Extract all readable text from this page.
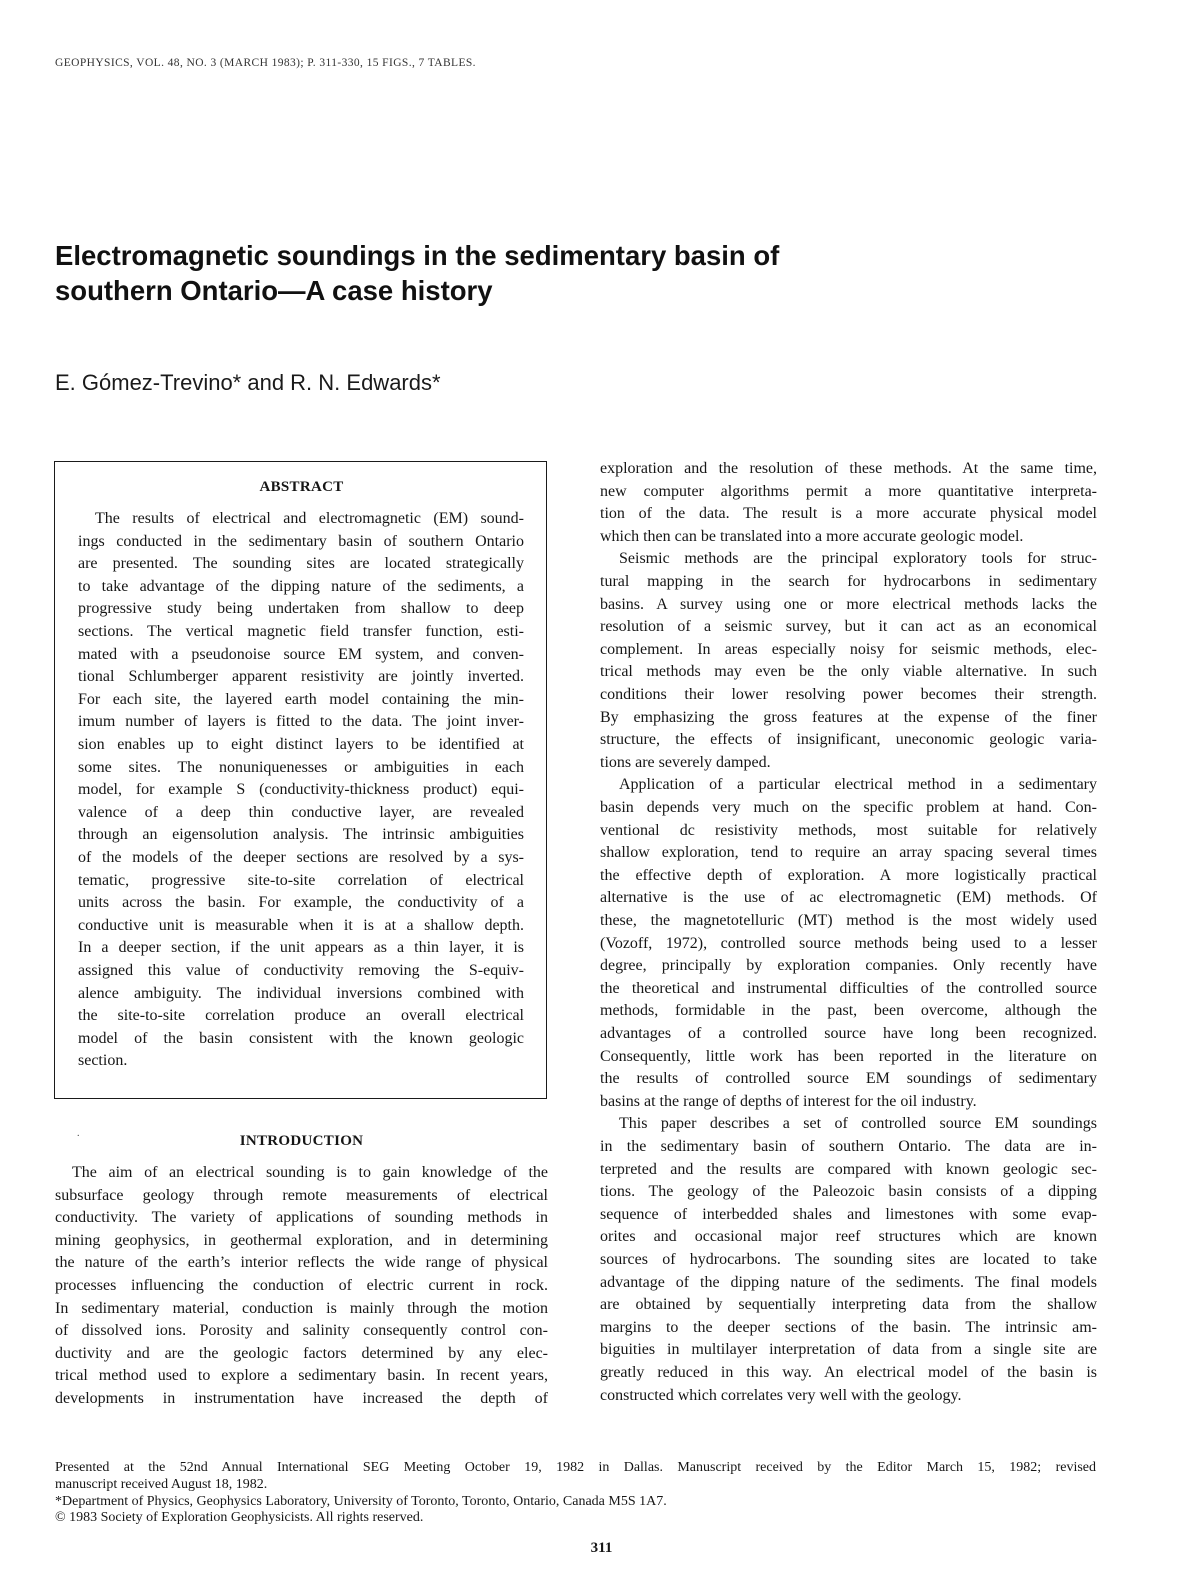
GEOPHYSICS, VOL. 48, NO. 3 (MARCH 1983); P. 311-330, 15 FIGS., 7 TABLES.
Electromagnetic soundings in the sedimentary basin of
southern Ontario—A case history
E. Gómez-Trevino* and R. N. Edwards*
ABSTRACT
The results of electrical and electromagnetic (EM) sound-
ings conducted in the sedimentary basin of southern Ontario
are presented. The sounding sites are located strategically
to take advantage of the dipping nature of the sediments, a
progressive study being undertaken from shallow to deep
sections. The vertical magnetic field transfer function, esti-
mated with a pseudonoise source EM system, and conven-
tional Schlumberger apparent resistivity are jointly inverted.
For each site, the layered earth model containing the min-
imum number of layers is fitted to the data. The joint inver-
sion enables up to eight distinct layers to be identified at
some sites. The nonuniquenesses or ambiguities in each
model, for example S (conductivity-thickness product) equi-
valence of a deep thin conductive layer, are revealed
through an eigensolution analysis. The intrinsic ambiguities
of the models of the deeper sections are resolved by a sys-
tematic, progressive site-to-site correlation of electrical
units across the basin. For example, the conductivity of a
conductive unit is measurable when it is at a shallow depth.
In a deeper section, if the unit appears as a thin layer, it is
assigned this value of conductivity removing the S-equiv-
alence ambiguity. The individual inversions combined with
the site-to-site correlation produce an overall electrical
model of the basin consistent with the known geologic
section.
.	INTRODUCTION
The aim of an electrical sounding is to gain knowledge of the
subsurface geology through remote measurements of electrical
conductivity. The variety of applications of sounding methods in
mining geophysics, in geothermal exploration, and in determining
the nature of the earth’s interior reflects the wide range of physical
processes influencing the conduction of electric current in rock.
In sedimentary material, conduction is mainly through the motion
of dissolved ions. Porosity and salinity consequently control con-
ductivity and are the geologic factors determined by any elec-
trical method used to explore a sedimentary basin. In recent years,
developments in instrumentation have increased the depth of
exploration and the resolution of these methods. At the same time,
new computer algorithms permit a more quantitative interpreta-
tion of the data. The result is a more accurate physical model
which then can be translated into a more accurate geologic model.
Seismic methods are the principal exploratory tools for struc-
tural mapping in the search for hydrocarbons in sedimentary
basins. A survey using one or more electrical methods lacks the
resolution of a seismic survey, but it can act as an economical
complement. In areas especially noisy for seismic methods, elec-
trical methods may even be the only viable alternative. In such
conditions their lower resolving power becomes their strength.
By emphasizing the gross features at the expense of the finer
structure, the effects of insignificant, uneconomic geologic varia-
tions are severely damped.
Application of a particular electrical method in a sedimentary
basin depends very much on the specific problem at hand. Con-
ventional dc resistivity methods, most suitable for relatively
shallow exploration, tend to require an array spacing several times
the effective depth of exploration. A more logistically practical
alternative is the use of ac electromagnetic (EM) methods. Of
these, the magnetotelluric (MT) method is the most widely used
(Vozoff, 1972), controlled source methods being used to a lesser
degree, principally by exploration companies. Only recently have
the theoretical and instrumental difficulties of the controlled source
methods, formidable in the past, been overcome, although the
advantages of a controlled source have long been recognized.
Consequently, little work has been reported in the literature on
the results of controlled source EM soundings of sedimentary
basins at the range of depths of interest for the oil industry.
This paper describes a set of controlled source EM soundings
in the sedimentary basin of southern Ontario. The data are in-
terpreted and the results are compared with known geologic sec-
tions. The geology of the Paleozoic basin consists of a dipping
sequence of interbedded shales and limestones with some evap-
orites and occasional major reef structures which are known
sources of hydrocarbons. The sounding sites are located to take
advantage of the dipping nature of the sediments. The final models
are obtained by sequentially interpreting data from the shallow
margins to the deeper sections of the basin. The intrinsic am-
biguities in multilayer interpretation of data from a single site are
greatly reduced in this way. An electrical model of the basin is
constructed which correlates very well with the geology.
Presented at the 52nd Annual International SEG Meeting October 19, 1982 in Dallas. Manuscript received by the Editor March 15, 1982; revised
manuscript received August 18, 1982.
*Department of Physics, Geophysics Laboratory, University of Toronto, Toronto, Ontario, Canada M5S 1A7.
© 1983 Society of Exploration Geophysicists. All rights reserved.
311
